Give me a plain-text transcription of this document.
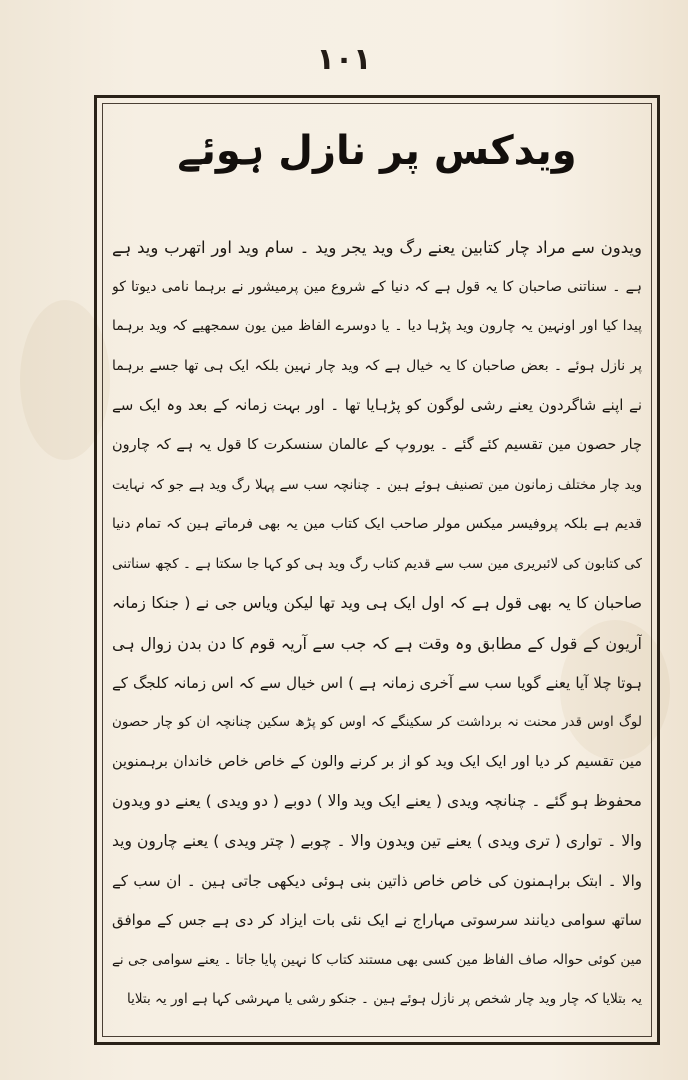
۱۰۱
ویدکس پر نازل ہوئے
ویدون سے مراد چار کتابین یعنے رگ وید یجر وید ۔ سام وید اور اتھرب وید ہے
ہے ۔ سناتنی صاحبان کا یہ قول ہے کہ دنیا کے شروع مین پرمیشور نے برہما نامی دیوتا کو
پیدا کیا اور اونہین یہ چارون وید پڑہا دیا ۔ یا دوسرے الفاظ مین یون سمجھیے کہ وید برہما
پر نازل ہوئے ۔ بعض صاحبان کا یہ خیال ہے کہ وید چار نہین بلکہ ایک ہی تھا جسے برہما
نے اپنے شاگردون یعنے رشی لوگون کو پڑہایا تھا ۔ اور بہت زمانہ کے بعد وہ ایک سے
چار حصون مین تقسیم کئے گئے ۔ یوروپ کے عالمان سنسکرت کا قول یہ ہے کہ چارون
وید چار مختلف زمانون مین تصنیف ہوئے ہین ۔ چنانچہ سب سے پہلا رگ وید ہے جو کہ نہایت
قدیم ہے بلکہ پروفیسر میکس مولر صاحب ایک کتاب مین یہ بھی فرماتے ہین کہ تمام دنیا
کی کتابون کی لائبریری مین سب سے قدیم کتاب رگ وید ہی کو کہا جا سکتا ہے ۔ کچھ سناتنی
صاحبان کا یہ بھی قول ہے کہ اول ایک ہی وید تھا لیکن ویاس جی نے ( جنکا زمانہ
آریون کے قول کے مطابق وہ وقت ہے کہ جب سے آریہ قوم کا دن بدن زوال ہی
ہوتا چلا آیا یعنے گویا سب سے آخری زمانہ ہے ) اس خیال سے کہ اس زمانہ کلجگ کے
لوگ اوس قدر محنت نہ برداشت کر سکینگے کہ اوس کو پڑھ سکین چنانچہ ان کو چار حصون
مین تقسیم کر دیا اور ایک ایک وید کو از بر کرنے والون کے خاص خاص خاندان برہمنوین
محفوظ ہو گئے ۔ چنانچہ ویدی ( یعنے ایک وید والا ) دوبے ( دو ویدی ) یعنے دو ویدون
والا ۔ تواری ( تری ویدی ) یعنے تین ویدون والا ۔ چوبے ( چتر ویدی ) یعنے چارون وید
والا ۔ ابتک براہمنون کی خاص خاص ذاتین بنی ہوئی دیکھی جاتی ہین ۔ ان سب کے
ساتھ سوامی دیانند سرسوتی مہاراج نے ایک نئی بات ایزاد کر دی ہے جس کے موافق
مین کوئی حوالہ صاف الفاظ مین کسی بھی مستند کتاب کا نہین پایا جاتا ۔ یعنے سوامی جی نے
یہ بتلایا کہ چار وید چار شخص پر نازل ہوئے ہین ۔ جنکو رشی یا مہرشی کہا ہے اور یہ بتلایا
